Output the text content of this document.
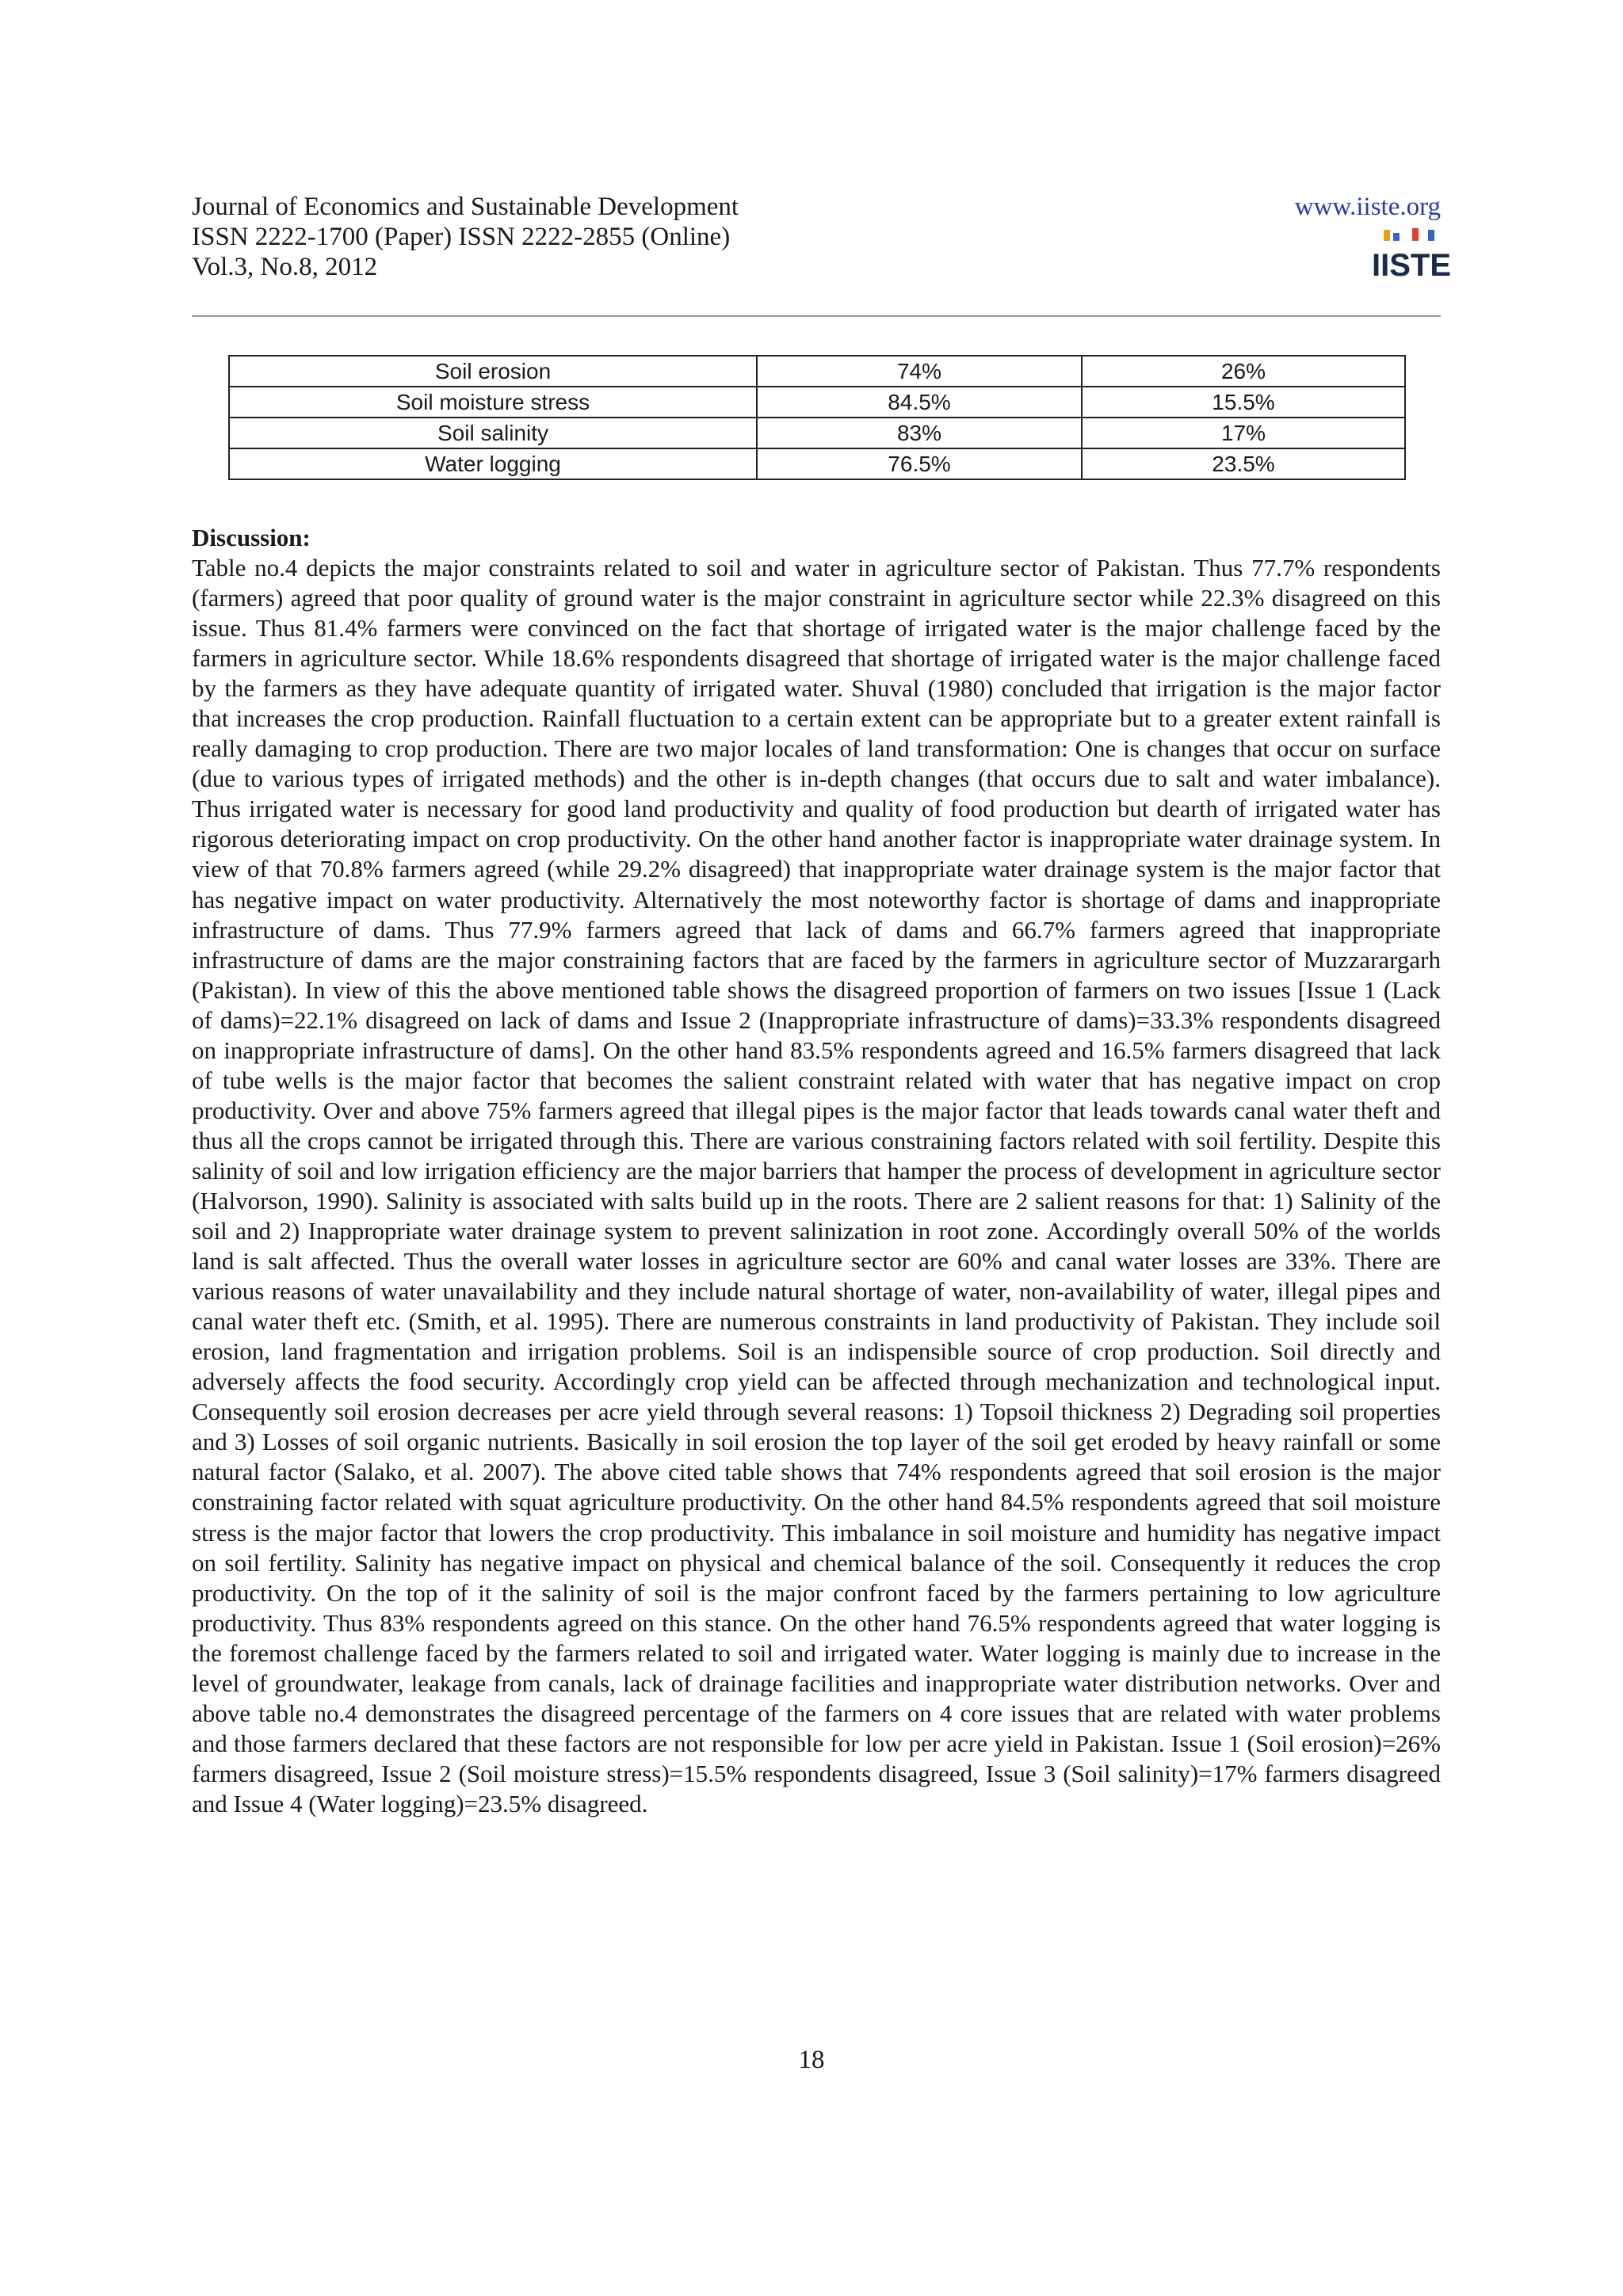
Journal of Economics and Sustainable Development
ISSN 2222-1700 (Paper) ISSN 2222-2855 (Online)
Vol.3, No.8, 2012
www.iiste.org
IISTE
Soil erosion	74%	26%
Soil moisture stress	84.5%	15.5%
Soil salinity	83%	17%
Water logging	76.5%	23.5%
Discussion:

Table no.4 depicts the major constraints related to soil and water in agriculture sector of Pakistan. Thus 77.7% respondents (farmers) agreed that poor quality of ground water is the major constraint in agriculture sector while 22.3% disagreed on this issue. Thus 81.4% farmers were convinced on the fact that shortage of irrigated water is the major challenge faced by the farmers in agriculture sector. While 18.6% respondents disagreed that shortage of irrigated water is the major challenge faced by the farmers as they have adequate quantity of irrigated water. Shuval (1980) concluded that irrigation is the major factor that increases the crop production. Rainfall fluctuation to a certain extent can be appropriate but to a greater extent rainfall is really damaging to crop production. There are two major locales of land transformation: One is changes that occur on surface (due to various types of irrigated methods) and the other is in-depth changes (that occurs due to salt and water imbalance). Thus irrigated water is necessary for good land productivity and quality of food production but dearth of irrigated water has rigorous deteriorating impact on crop productivity. On the other hand another factor is inappropriate water drainage system. In view of that 70.8% farmers agreed (while 29.2% disagreed) that inappropriate water drainage system is the major factor that has negative impact on water productivity. Alternatively the most noteworthy factor is shortage of dams and inappropriate infrastructure of dams. Thus 77.9% farmers agreed that lack of dams and 66.7% farmers agreed that inappropriate infrastructure of dams are the major constraining factors that are faced by the farmers in agriculture sector of Muzzarargarh (Pakistan). In view of this the above mentioned table shows the disagreed proportion of farmers on two issues [Issue 1 (Lack of dams)=22.1% disagreed on lack of dams and Issue 2 (Inappropriate infrastructure of dams)=33.3% respondents disagreed on inappropriate infrastructure of dams]. On the other hand 83.5% respondents agreed and 16.5% farmers disagreed that lack of tube wells is the major factor that becomes the salient constraint related with water that has negative impact on crop productivity. Over and above 75% farmers agreed that illegal pipes is the major factor that leads towards canal water theft and thus all the crops cannot be irrigated through this. There are various constraining factors related with soil fertility. Despite this salinity of soil and low irrigation efficiency are the major barriers that hamper the process of development in agriculture sector (Halvorson, 1990). Salinity is associated with salts build up in the roots. There are 2 salient reasons for that: 1) Salinity of the soil and 2) Inappropriate water drainage system to prevent salinization in root zone. Accordingly overall 50% of the worlds land is salt affected. Thus the overall water losses in agriculture sector are 60% and canal water losses are 33%. There are various reasons of water unavailability and they include natural shortage of water, non-availability of water, illegal pipes and canal water theft etc. (Smith, et al. 1995). There are numerous constraints in land productivity of Pakistan. They include soil erosion, land fragmentation and irrigation problems. Soil is an indispensible source of crop production. Soil directly and adversely affects the food security. Accordingly crop yield can be affected through mechanization and technological input. Consequently soil erosion decreases per acre yield through several reasons: 1) Topsoil thickness 2) Degrading soil properties and 3) Losses of soil organic nutrients. Basically in soil erosion the top layer of the soil get eroded by heavy rainfall or some natural factor (Salako, et al. 2007). The above cited table shows that 74% respondents agreed that soil erosion is the major constraining factor related with squat agriculture productivity. On the other hand 84.5% respondents agreed that soil moisture stress is the major factor that lowers the crop productivity. This imbalance in soil moisture and humidity has negative impact on soil fertility. Salinity has negative impact on physical and chemical balance of the soil. Consequently it reduces the crop productivity. On the top of it the salinity of soil is the major confront faced by the farmers pertaining to low agriculture productivity. Thus 83% respondents agreed on this stance. On the other hand 76.5% respondents agreed that water logging is the foremost challenge faced by the farmers related to soil and irrigated water. Water logging is mainly due to increase in the level of groundwater, leakage from canals, lack of drainage facilities and inappropriate water distribution networks. Over and above table no.4 demonstrates the disagreed percentage of the farmers on 4 core issues that are related with water problems and those farmers declared that these factors are not responsible for low per acre yield in Pakistan. Issue 1 (Soil erosion)=26% farmers disagreed, Issue 2 (Soil moisture stress)=15.5% respondents disagreed, Issue 3 (Soil salinity)=17% farmers disagreed and Issue 4 (Water logging)=23.5% disagreed.

18
